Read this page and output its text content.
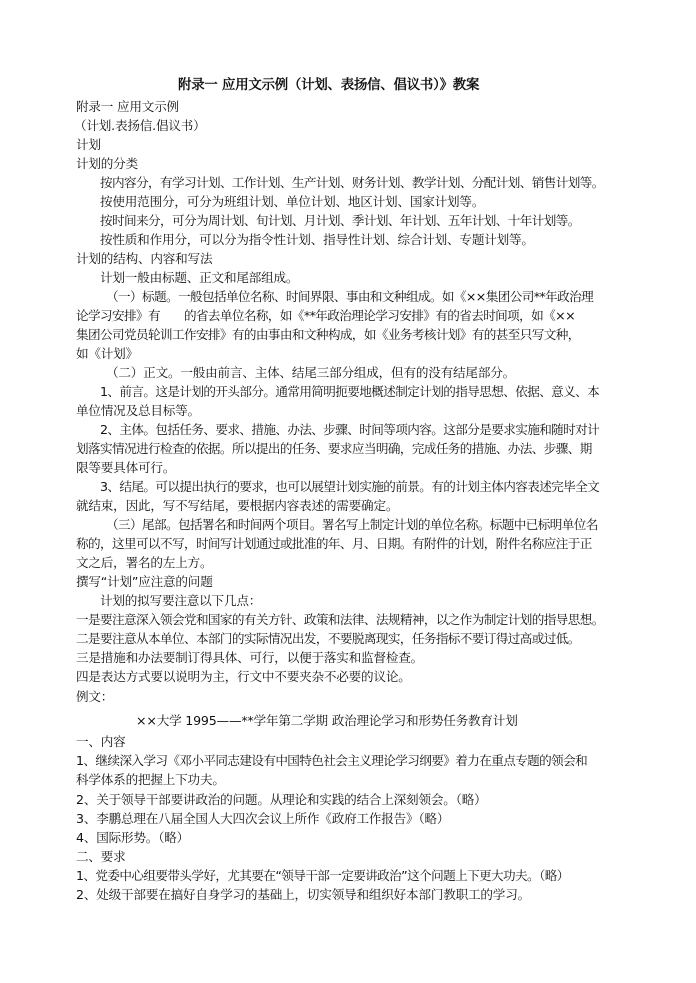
附录一 应用文示例（计划、表扬信、倡议书）》教案
附录一 应用文示例
（计划.表扬信.倡议书）
计划
计划的分类
按内容分，有学习计划、工作计划、生产计划、财务计划、教学计划、分配计划、销售计划等。
按使用范围分，可分为班组计划、单位计划、地区计划、国家计划等。
按时间来分，可分为周计划、旬计划、月计划、季计划、年计划、五年计划、十年计划等。
按性质和作用分，可以分为指令性计划、指导性计划、综合计划、专题计划等。
计划的结构、内容和写法
计划一般由标题、正文和尾部组成。
（一）标题。一般包括单位名称、时间界限、事由和文种组成。如《××集团公司**年政治理
论学习安排》有　　的省去单位名称，如《**年政治理论学习安排》有的省去时间项，如《××
集团公司党员轮训工作安排》有的由事由和文种构成，如《业务考核计划》有的甚至只写文种，
如《计划》
（二）正文。一般由前言、主体、结尾三部分组成，但有的没有结尾部分。
1、前言。这是计划的开头部分。通常用简明扼要地概述制定计划的指导思想、依据、意义、本
单位情况及总目标等。
2、主体。包括任务、要求、措施、办法、步骤、时间等项内容。这部分是要求实施和随时对计
划落实情况进行检查的依据。所以提出的任务、要求应当明确，完成任务的措施、办法、步骤、期
限等要具体可行。
3、结尾。可以提出执行的要求，也可以展望计划实施的前景。有的计划主体内容表述完毕全文
就结束，因此，写不写结尾，要根据内容表述的需要确定。
（三）尾部。包括署名和时间两个项目。署名写上制定计划的单位名称。标题中已标明单位名
称的，这里可以不写，时间写计划通过或批准的年、月、日期。有附件的计划，附件名称应注于正
文之后，署名的左上方。
撰写“计划”应注意的问题
计划的拟写要注意以下几点：
一是要注意深入领会党和国家的有关方针、政策和法律、法规精神，以之作为制定计划的指导思想。
二是要注意从本单位、本部门的实际情况出发，不要脱离现实，任务指标不要订得过高或过低。
三是措施和办法要制订得具体、可行，以便于落实和监督检查。
四是表达方式要以说明为主，行文中不要夹杂不必要的议论。
例文：
××大学 1995——**学年第二学期 政治理论学习和形势任务教育计划
一、内容
1、继续深入学习《邓小平同志建设有中国特色社会主义理论学习纲要》着力在重点专题的领会和
科学体系的把握上下功夫。
2、关于领导干部要讲政治的问题。从理论和实践的结合上深刻领会。（略）
3、李鹏总理在八届全国人大四次会议上所作《政府工作报告》（略）
4、国际形势。（略）
二、要求
1、党委中心组要带头学好，尤其要在“领导干部一定要讲政治”这个问题上下更大功夫。（略）
2、处级干部要在搞好自身学习的基础上，切实领导和组织好本部门教职工的学习。
